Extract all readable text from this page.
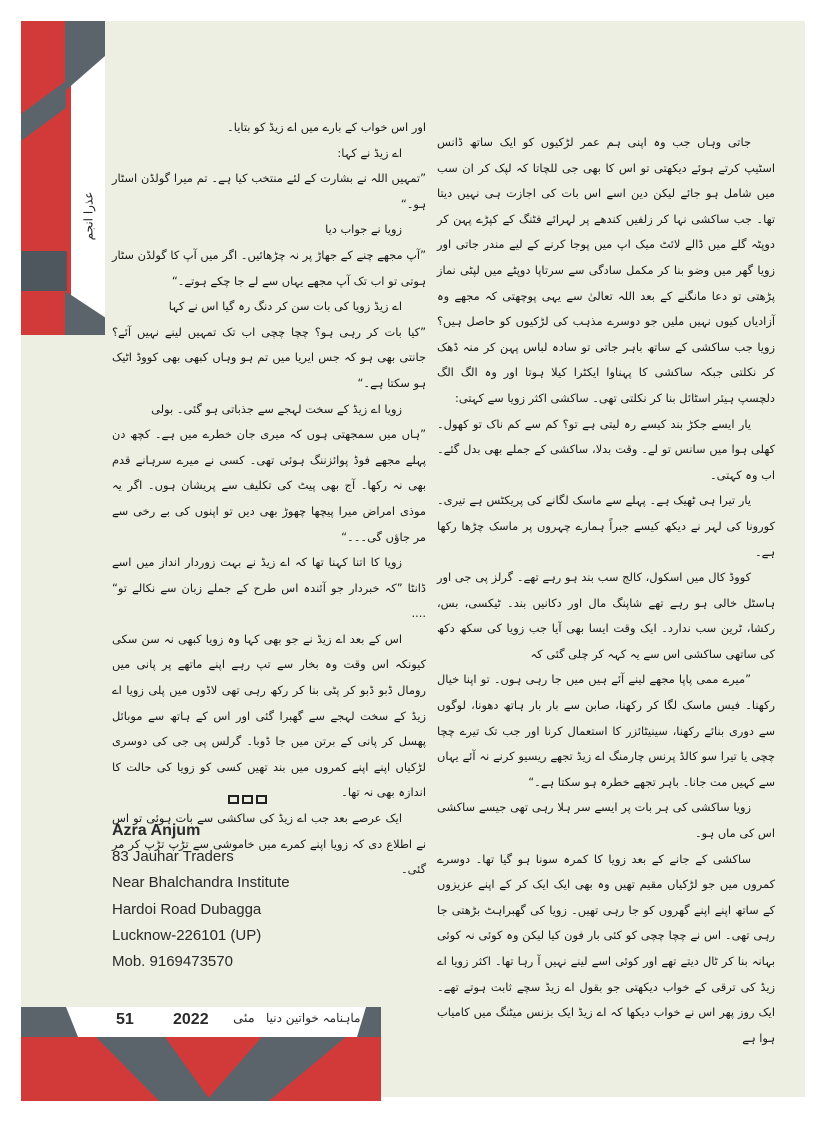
عذرا انجم

جاتی وہاں جب وہ اپنی ہم عمر لڑکیوں کو ایک ساتھ ڈانس اسٹیپ کرتے ہوئے دیکھتی تو اس کا بھی جی للچاتا کہ لپک کر ان سب میں شامل ہو جائے لیکن دین اسے اس بات کی اجازت ہی نہیں دیتا تھا۔ جب ساکشی نہا کر زلفیں کندھے پر لہرائے فٹنگ کے کپڑے پہن کر دوپٹہ گلے میں ڈالے لائٹ میک اپ میں پوجا کرنے کے لیے مندر جاتی اور زویا گھر میں وضو بنا کر مکمل سادگی سے سرتاپا دوپٹے میں لپٹی نماز پڑھتی تو دعا مانگنے کے بعد اللہ تعالیٰ سے یہی پوچھتی کہ مجھے وہ آزادیاں کیوں نہیں ملیں جو دوسرے مذہب کی لڑکیوں کو حاصل ہیں؟ زویا جب ساکشی کے ساتھ باہر جاتی تو سادہ لباس پہن کر منہ ڈھک کر نکلتی جبکہ ساکشی کا پہناوا ایکٹرا کیلا ہوتا اور وہ الگ الگ دلچسپ ہیئر اسٹائل بنا کر نکلتی تھی۔ ساکشی اکثر زویا سے کہتی:

یار ایسے جکڑ بند کیسے رہ لیتی ہے تو؟ کم سے کم ناک تو کھول۔ کھلی ہوا میں سانس تو لے۔ وقت بدلا، ساکشی کے جملے بھی بدل گئے۔ اب وہ کہتی۔

یار تیرا ہی ٹھیک ہے۔ پہلے سے ماسک لگانے کی پریکٹس ہے تیری۔ کورونا کی لہر نے دیکھ کیسے جبراً ہمارے چہروں پر ماسک چڑھا رکھا ہے۔

کووڈ کال میں اسکول، کالج سب بند ہو رہے تھے۔ گرلز پی جی اور ہاسٹل خالی ہو رہے تھے شاپنگ مال اور دکانیں بند۔ ٹیکسی، بس، رکشا، ٹرین سب ندارد۔ ایک وقت ایسا بھی آیا جب زویا کی سکھ دکھ کی ساتھی ساکشی اس سے یہ کہہ کر چلی گئی کہ

”میرے ممی پاپا مجھے لینے آئے ہیں میں جا رہی ہوں۔ تو اپنا خیال رکھنا۔ فیس ماسک لگا کر رکھنا، صابن سے بار بار ہاتھ دھونا، لوگوں سے دوری بنائے رکھنا، سینیٹائزر کا استعمال کرنا اور جب تک تیرے چچا چچی یا تیرا سو کالڈ پرنس چارمنگ اے زیڈ تجھے ریسیو کرنے نہ آئے یہاں سے کہیں مت جانا۔ باہر تجھے خطرہ ہو سکتا ہے۔“

زویا ساکشی کی ہر بات پر ایسے سر ہلا رہی تھی جیسے ساکشی اس کی ماں ہو۔

ساکشی کے جانے کے بعد زویا کا کمرہ سونا ہو گیا تھا۔ دوسرے کمروں میں جو لڑکیاں مقیم تھیں وہ بھی ایک ایک کر کے اپنے عزیزوں کے ساتھ اپنے اپنے گھروں کو جا رہی تھیں۔ زویا کی گھبراہٹ بڑھتی جا رہی تھی۔ اس نے چچا چچی کو کئی بار فون کیا لیکن وہ کوئی نہ کوئی بہانہ بنا کر ٹال دیتے تھے اور کوئی اسے لینے نہیں آ رہا تھا۔ اکثر زویا اے زیڈ کی ترقی کے خواب دیکھتی جو بقول اے زیڈ سچے ثابت ہوتے تھے۔ ایک روز پھر اس نے خواب دیکھا کہ اے زیڈ ایک بزنس میٹنگ میں کامیاب ہوا ہے

اور اس خواب کے بارے میں اے زیڈ کو بتایا۔

اے زیڈ نے کہا:

”تمہیں اللہ نے بشارت کے لئے منتخب کیا ہے۔ تم میرا گولڈن اسٹار ہو۔“

زویا نے جواب دیا

”آپ مجھے چنے کے جھاڑ پر نہ چڑھائیں۔ اگر میں آپ کا گولڈن سٹار ہوتی تو اب تک آپ مجھے یہاں سے لے جا چکے ہوتے۔“

اے زیڈ زویا کی بات سن کر دنگ رہ گیا اس نے کہا

”کیا بات کر رہی ہو؟ چچا چچی اب تک تمہیں لینے نہیں آئے؟ جانتی بھی ہو کہ جس ایریا میں تم ہو وہاں کبھی بھی کووڈ اٹیک ہو سکتا ہے۔“

زویا اے زیڈ کے سخت لہجے سے جذباتی ہو گئی۔ بولی

”ہاں میں سمجھتی ہوں کہ میری جان خطرے میں ہے۔ کچھ دن پہلے مجھے فوڈ پوائزننگ ہوئی تھی۔ کسی نے میرے سرہانے قدم بھی نہ رکھا۔ آج بھی پیٹ کی تکلیف سے پریشان ہوں۔ اگر یہ موذی امراض میرا پیچھا چھوڑ بھی دیں تو اپنوں کی بے رخی سے مر جاؤں گی۔۔۔“

زویا کا اتنا کہنا تھا کہ اے زیڈ نے بہت زوردار انداز میں اسے ڈانٹا ”کہ خبردار جو آئندہ اس طرح کے جملے زبان سے نکالے تو“ ....

اس کے بعد اے زیڈ نے جو بھی کہا وہ زویا کبھی نہ سن سکی کیونکہ اس وقت وہ بخار سے تپ رہے اپنے ماتھے پر پانی میں رومال ڈبو ڈبو کر پٹی بنا کر رکھ رہی تھی لاڈوں میں پلی زویا اے زیڈ کے سخت لہجے سے گھبرا گئی اور اس کے ہاتھ سے موبائل پھسل کر پانی کے برتن میں جا ڈوبا۔ گرلس پی جی کی دوسری لڑکیاں اپنے اپنے کمروں میں بند تھیں کسی کو زویا کی حالت کا اندازہ بھی نہ تھا۔

ایک عرصے بعد جب اے زیڈ کی ساکشی سے بات ہوئی تو اس نے اطلاع دی کہ زویا اپنے کمرے میں خاموشی سے تڑپ تڑپ کر مر گئی۔

Azra Anjum
83 Jauhar Traders
Near Bhalchandra Institute
Hardoi Road Dubagga
Lucknow-226101 (UP)
Mob. 9169473570
51 2022 مئی ماہنامہ خواتین دنیا
